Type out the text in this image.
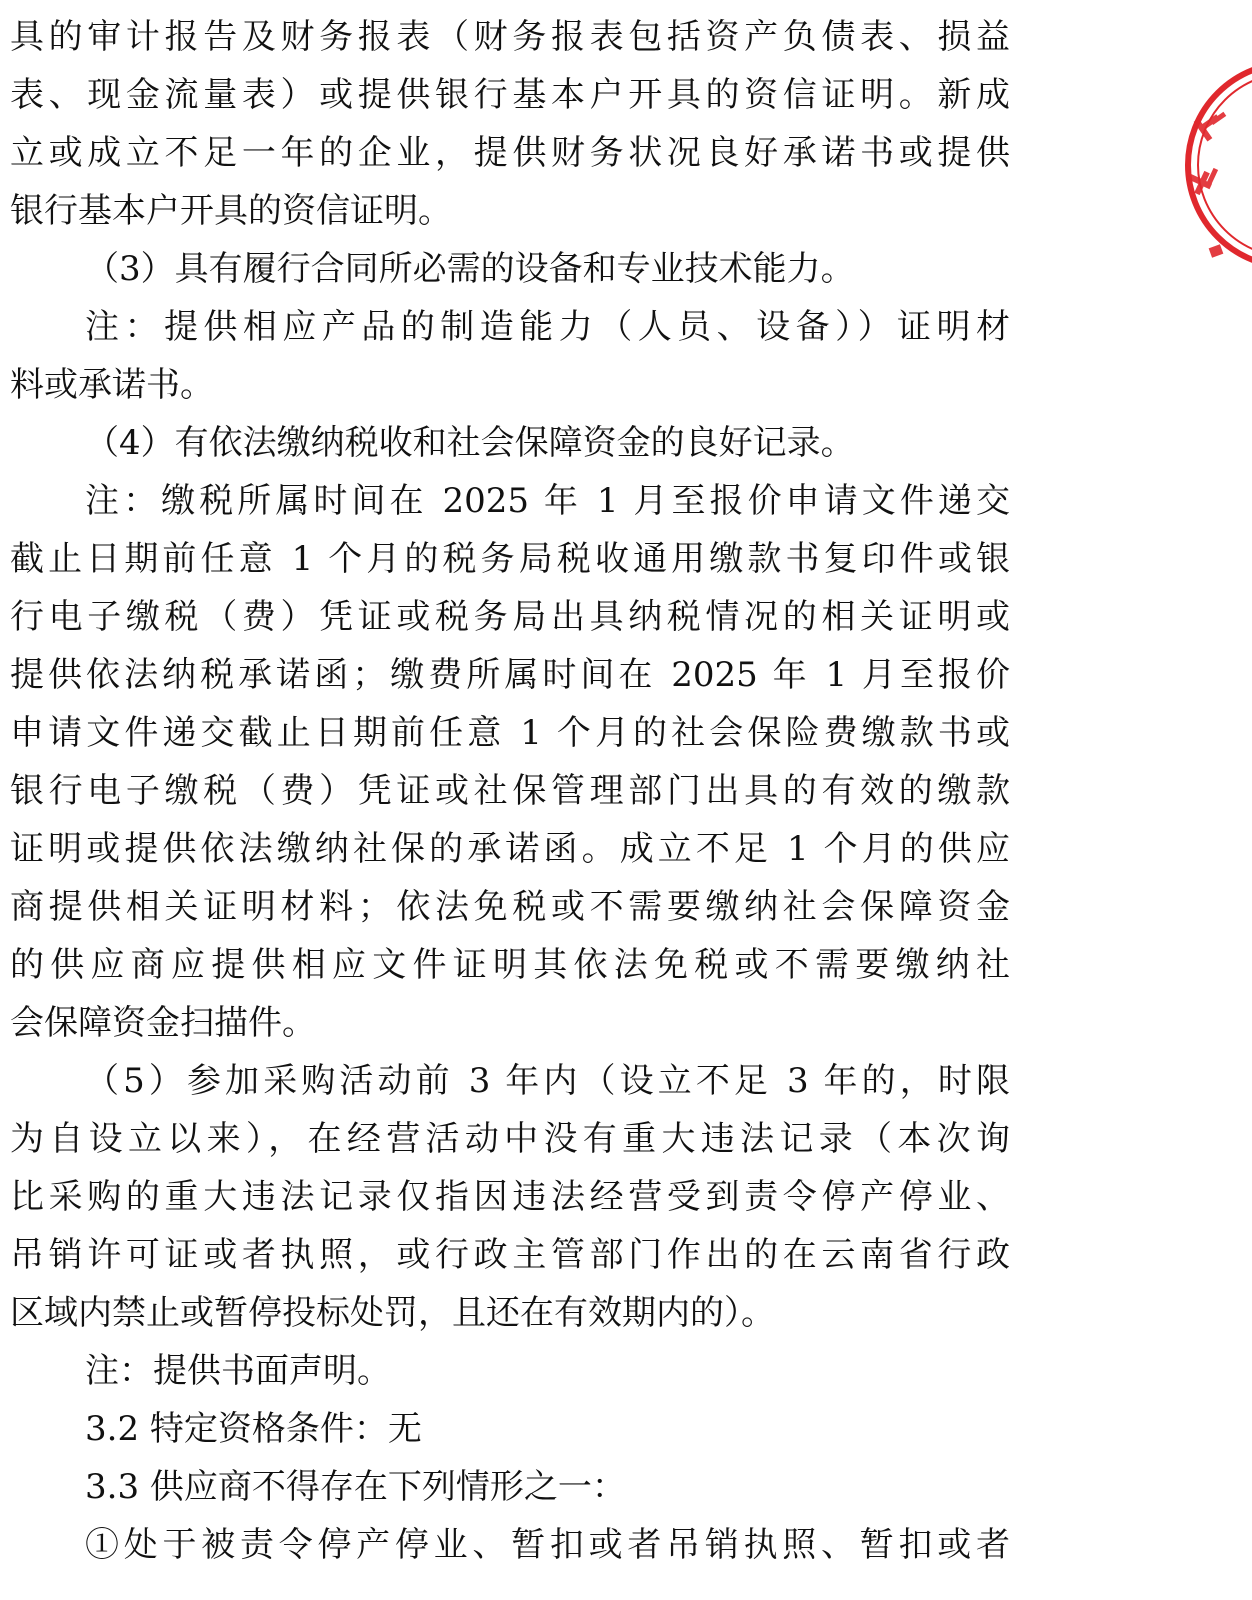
具的审计报告及财务报表（财务报表包括资产负债表、损益
表、现金流量表）或提供银行基本户开具的资信证明。新成
立或成立不足一年的企业，提供财务状况良好承诺书或提供
银行基本户开具的资信证明。
（3）具有履行合同所必需的设备和专业技术能力。
注：提供相应产品的制造能力（人员、设备））证明材
料或承诺书。
（4）有依法缴纳税收和社会保障资金的良好记录。
注：缴税所属时间在 2025 年 1 月至报价申请文件递交
截止日期前任意 1 个月的税务局税收通用缴款书复印件或银
行电子缴税（费）凭证或税务局出具纳税情况的相关证明或
提供依法纳税承诺函；缴费所属时间在 2025 年 1 月至报价
申请文件递交截止日期前任意 1 个月的社会保险费缴款书或
银行电子缴税（费）凭证或社保管理部门出具的有效的缴款
证明或提供依法缴纳社保的承诺函。成立不足 1 个月的供应
商提供相关证明材料；依法免税或不需要缴纳社会保障资金
的供应商应提供相应文件证明其依法免税或不需要缴纳社
会保障资金扫描件。
（5）参加采购活动前 3 年内（设立不足 3 年的，时限
为自设立以来），在经营活动中没有重大违法记录（本次询
比采购的重大违法记录仅指因违法经营受到责令停产停业、
吊销许可证或者执照，或行政主管部门作出的在云南省行政
区域内禁止或暂停投标处罚，且还在有效期内的）。
注：提供书面声明。
3.2 特定资格条件：无
3.3 供应商不得存在下列情形之一：
①处于被责令停产停业、暂扣或者吊销执照、暂扣或者
